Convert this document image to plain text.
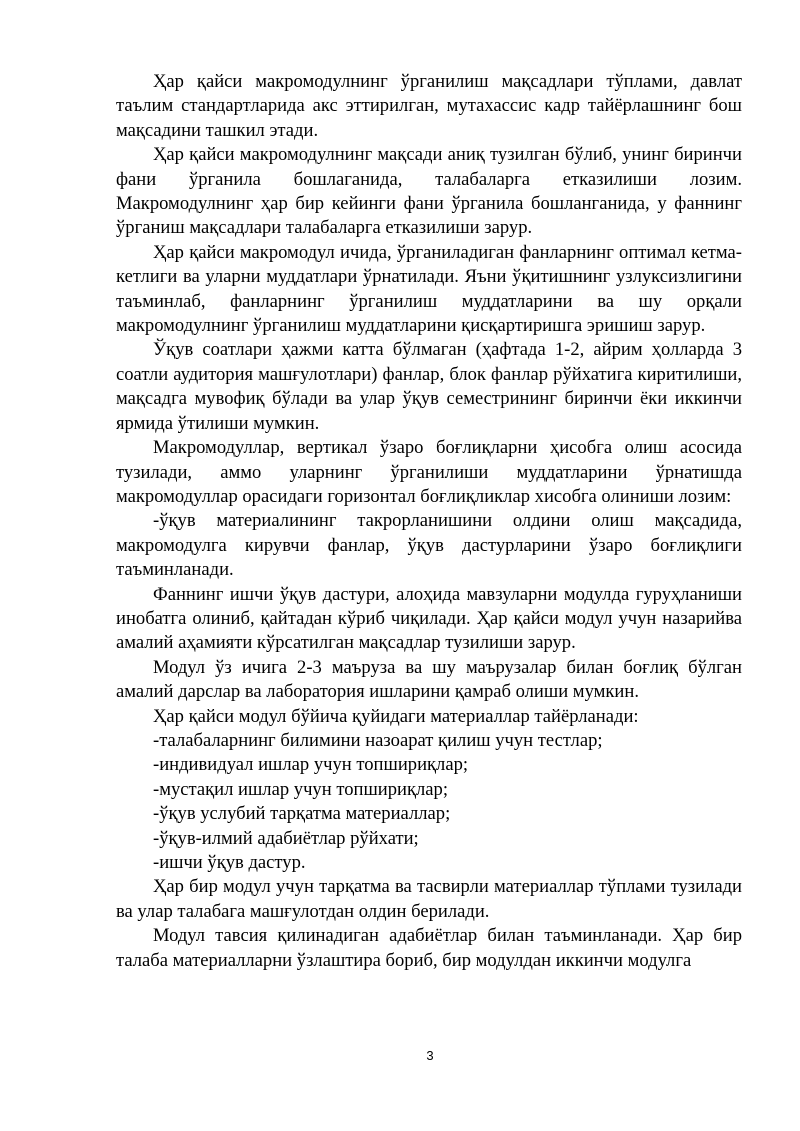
Ҳар қайси макромодулнинг ўрганилиш мақсадлари тўплами, давлат таълим стандартларида акс эттирилган, мутахассис кадр тайёрлашнинг бош мақсадини ташкил этади.

Ҳар қайси макромодулнинг мақсади аниқ тузилган бўлиб, унинг биринчи фани ўрганила бошлаганида, талабаларга етказилиши лозим. Макромодулнинг ҳар бир кейинги фани ўрганила бошланганида, у фаннинг ўрганиш мақсадлари талабаларга етказилиши зарур.

Ҳар қайси макромодул ичида, ўрганиладиган фанларнинг оптимал кетма-кетлиги ва уларни муддатлари ўрнатилади. Яъни ўқитишнинг узлуксизлигини таъминлаб, фанларнинг ўрганилиш муддатларини ва шу орқали макромодулнинг ўрганилиш муддатларини қисқартиришга эришиш зарур.

Ўқув соатлари ҳажми катта бўлмаган (ҳафтада 1-2, айрим ҳолларда 3 соатли аудитория машғулотлари) фанлар, блок фанлар рўйхатига киритилиши, мақсадга мувофиқ бўлади ва улар ўқув семестрининг биринчи ёки иккинчи ярмида ўтилиши мумкин.

Макромодуллар, вертикал ўзаро боғлиқларни ҳисобга олиш асосида тузилади, аммо уларнинг ўрганилиши муддатларини ўрнатишда макромодуллар орасидаги горизонтал боғлиқликлар хисобга олиниши лозим:

-ўқув материалининг такрорланишини олдини олиш мақсадида, макромодулга кирувчи фанлар, ўқув дастурларини ўзаро боғлиқлиги таъминланади.

Фаннинг ишчи ўқув дастури, алоҳида мавзуларни модулда гуруҳланиши инобатга олиниб, қайтадан кўриб чиқилади. Ҳар қайси модул учун назарийва амалий аҳамияти кўрсатилган мақсадлар тузилиши зарур.

Модул ўз ичига 2-3 маъруза ва шу маърузалар билан боғлиқ бўлган амалий дарслар ва лаборатория ишларини қамраб олиши мумкин.

Ҳар қайси модул бўйича қуйидаги материаллар тайёрланади:

-талабаларнинг билимини назоарат қилиш учун тестлар;

-индивидуал ишлар учун топшириқлар;

-мустақил ишлар учун топшириқлар;

-ўқув услубий тарқатма материаллар;

-ўқув-илмий адабиётлар рўйхати;

-ишчи ўқув дастур.

Ҳар бир модул учун тарқатма ва тасвирли материаллар тўплами тузилади ва улар талабага машғулотдан олдин берилади.

Модул тавсия қилинадиган адабиётлар билан таъминланади. Ҳар бир талаба материалларни ўзлаштира бориб, бир модулдан иккинчи модулга

3
